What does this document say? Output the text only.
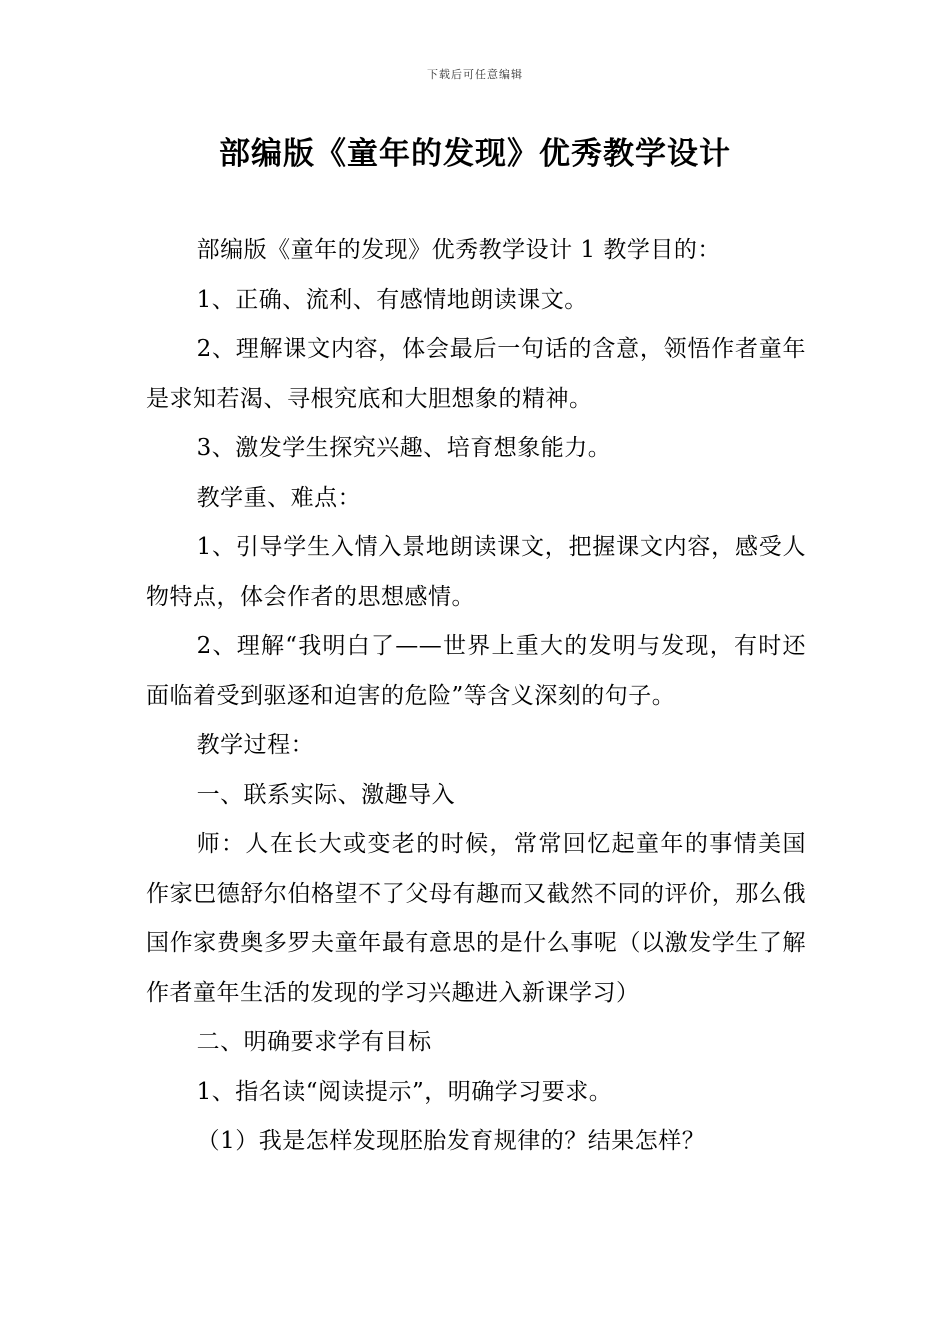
下载后可任意编辑
部编版《童年的发现》优秀教学设计

部编版《童年的发现》优秀教学设计 1 教学目的：

1、正确、流利、有感情地朗读课文。

2、理解课文内容，体会最后一句话的含意，领悟作者童年是求知若渴、寻根究底和大胆想象的精神。

3、激发学生探究兴趣、培育想象能力。

教学重、难点：

1、引导学生入情入景地朗读课文，把握课文内容，感受人物特点，体会作者的思想感情。

2、理解“我明白了——世界上重大的发明与发现，有时还面临着受到驱逐和迫害的危险”等含义深刻的句子。

教学过程：

一、联系实际、激趣导入

师：人在长大或变老的时候，常常回忆起童年的事情美国作家巴德舒尔伯格望不了父母有趣而又截然不同的评价，那么俄国作家费奥多罗夫童年最有意思的是什么事呢（以激发学生了解作者童年生活的发现的学习兴趣进入新课学习）

二、明确要求学有目标

1、指名读“阅读提示”，明确学习要求。

（1）我是怎样发现胚胎发育规律的？结果怎样？
